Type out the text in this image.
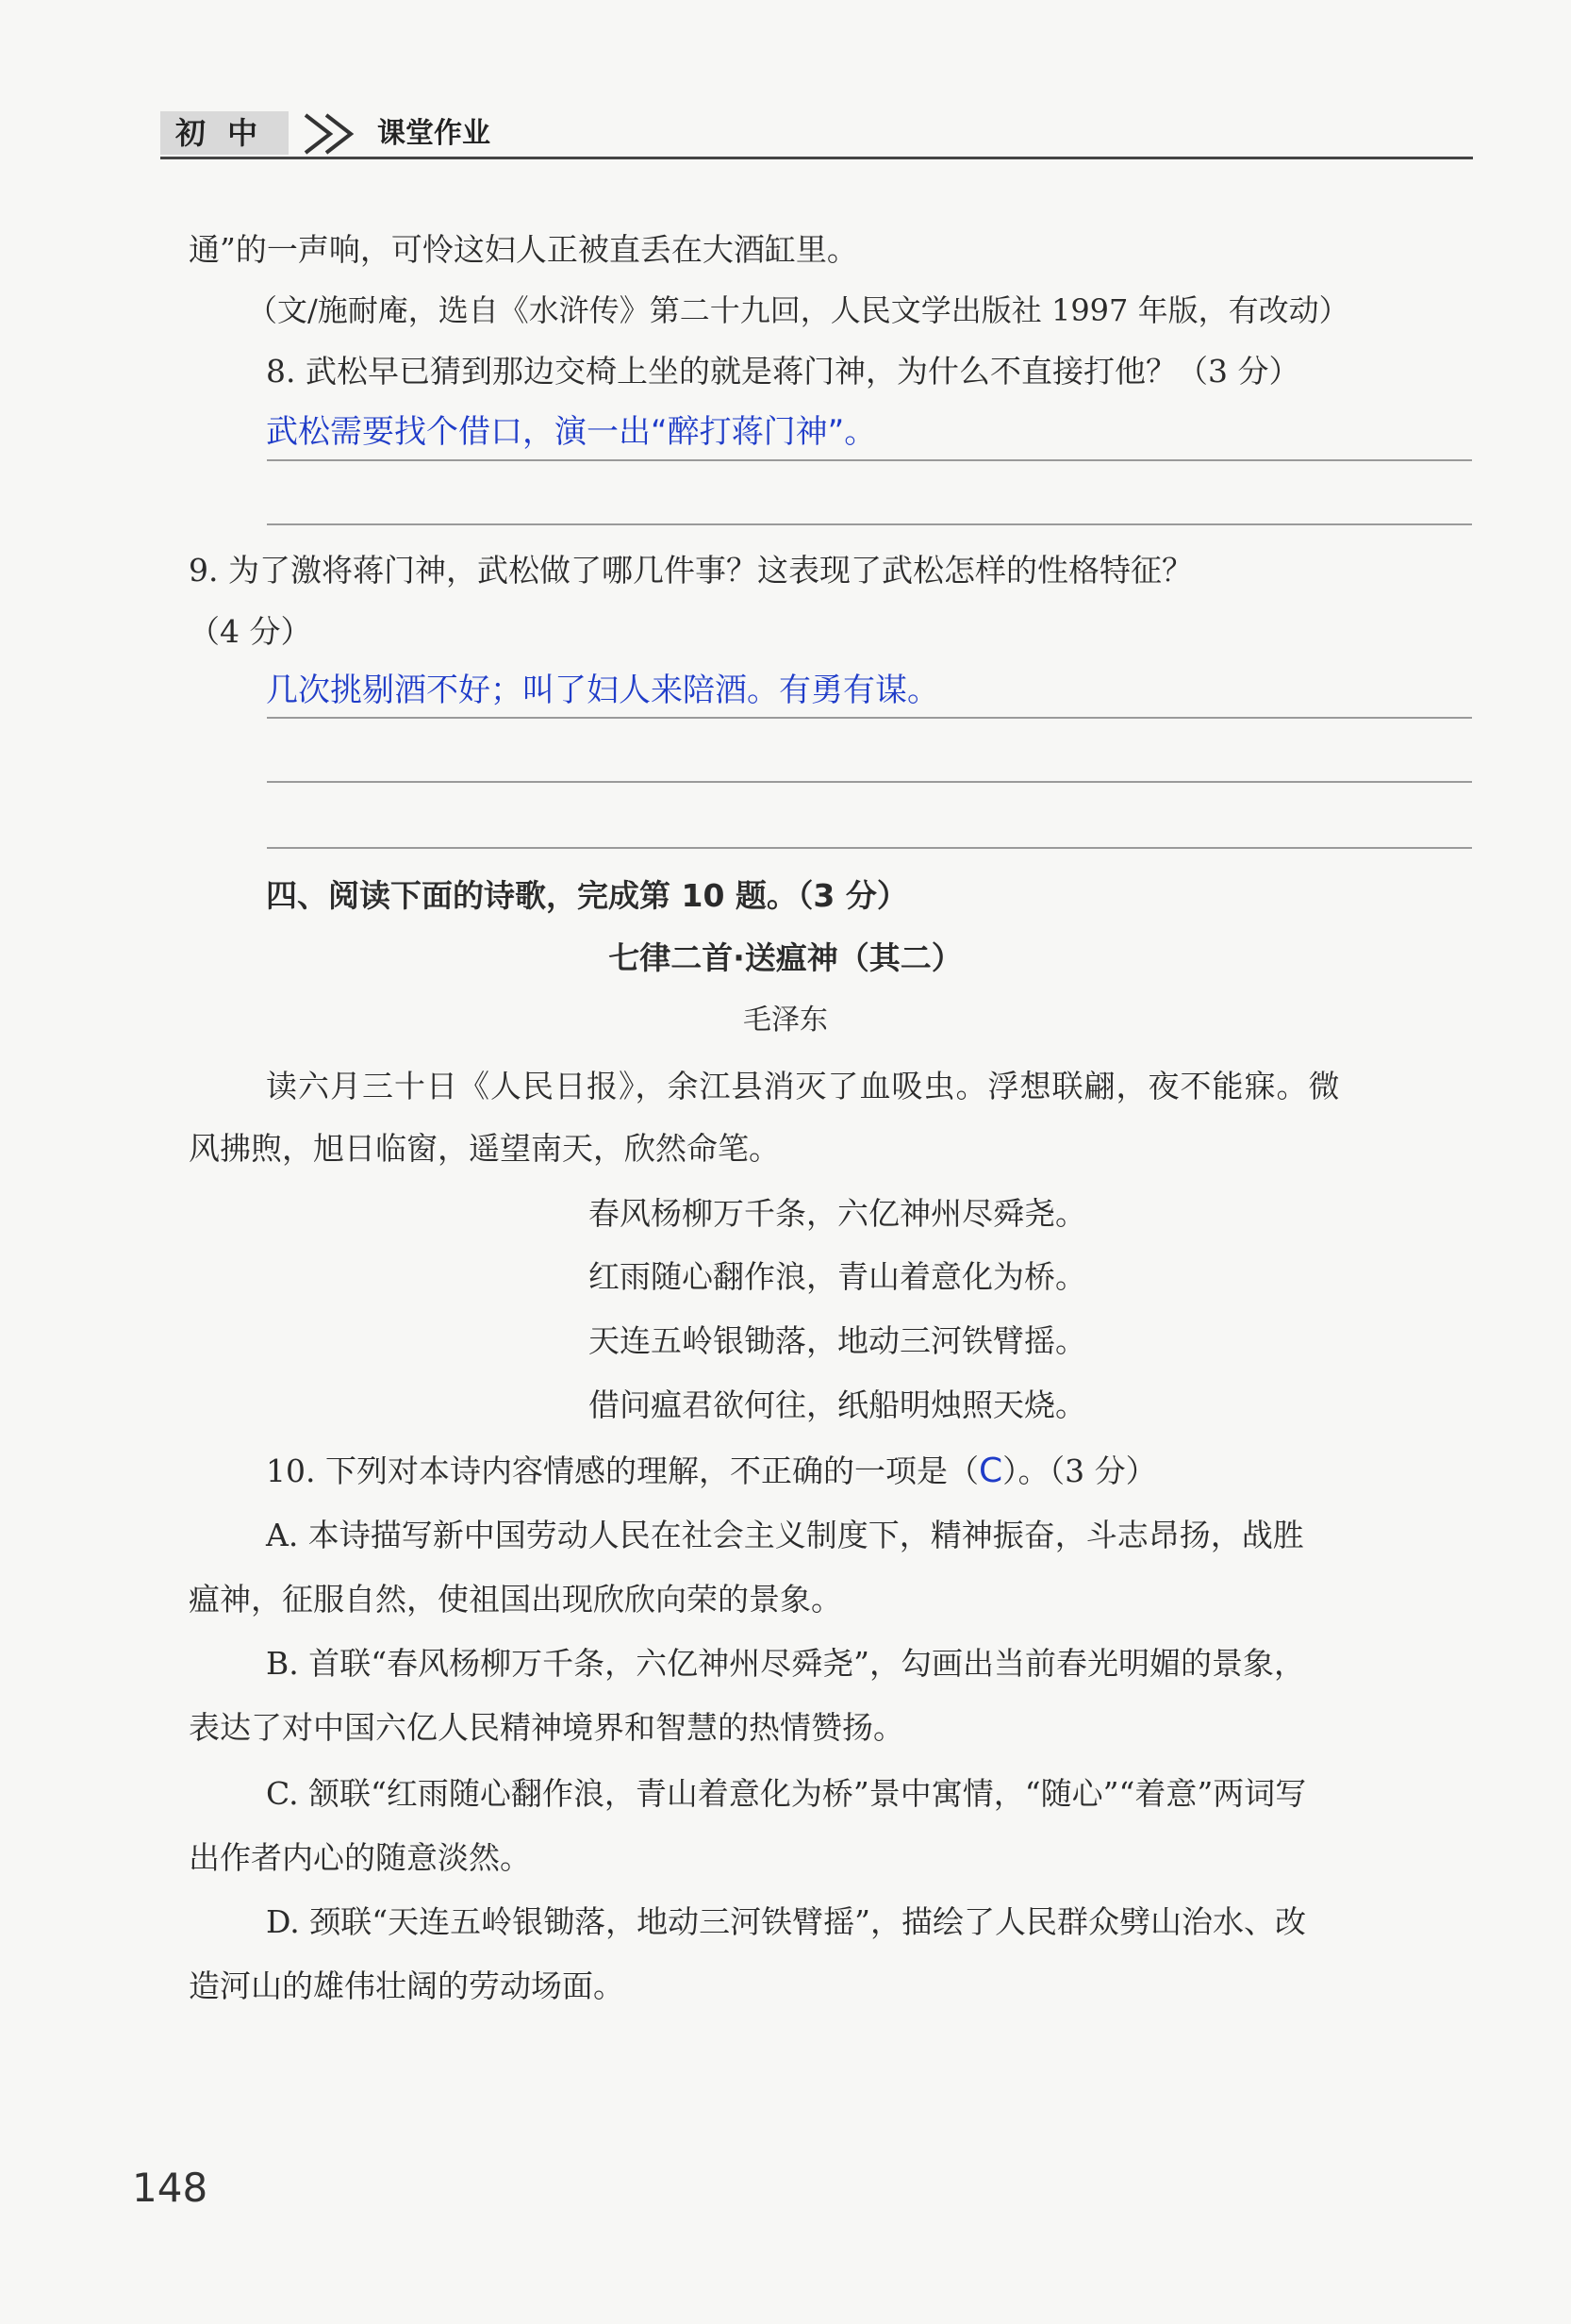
初 中	课堂作业
通”的一声响，可怜这妇人正被直丢在大酒缸里。
（文/施耐庵，选自《水浒传》第二十九回，人民文学出版社 1997 年版，有改动）
8. 武松早已猜到那边交椅上坐的就是蒋门神，为什么不直接打他？（3 分）
武松需要找个借口，演一出“醉打蒋门神”。
9. 为了激将蒋门神，武松做了哪几件事？这表现了武松怎样的性格特征？
（4 分）
几次挑剔酒不好；叫了妇人来陪酒。有勇有谋。
四、阅读下面的诗歌，完成第 10 题。（3 分）
七律二首·送瘟神（其二）
毛泽东
读六月三十日《人民日报》，余江县消灭了血吸虫。浮想联翩，夜不能寐。微
风拂煦，旭日临窗，遥望南天，欣然命笔。
春风杨柳万千条，六亿神州尽舜尧。
红雨随心翻作浪，青山着意化为桥。
天连五岭银锄落，地动三河铁臂摇。
借问瘟君欲何往，纸船明烛照天烧。
10. 下列对本诗内容情感的理解，不正确的一项是（C）。（3 分）
A. 本诗描写新中国劳动人民在社会主义制度下，精神振奋，斗志昂扬，战胜
瘟神，征服自然，使祖国出现欣欣向荣的景象。
B. 首联“春风杨柳万千条，六亿神州尽舜尧”，勾画出当前春光明媚的景象，
表达了对中国六亿人民精神境界和智慧的热情赞扬。
C. 颔联“红雨随心翻作浪，青山着意化为桥”景中寓情，“随心”“着意”两词写
出作者内心的随意淡然。
D. 颈联“天连五岭银锄落，地动三河铁臂摇”，描绘了人民群众劈山治水、改
造河山的雄伟壮阔的劳动场面。
148
